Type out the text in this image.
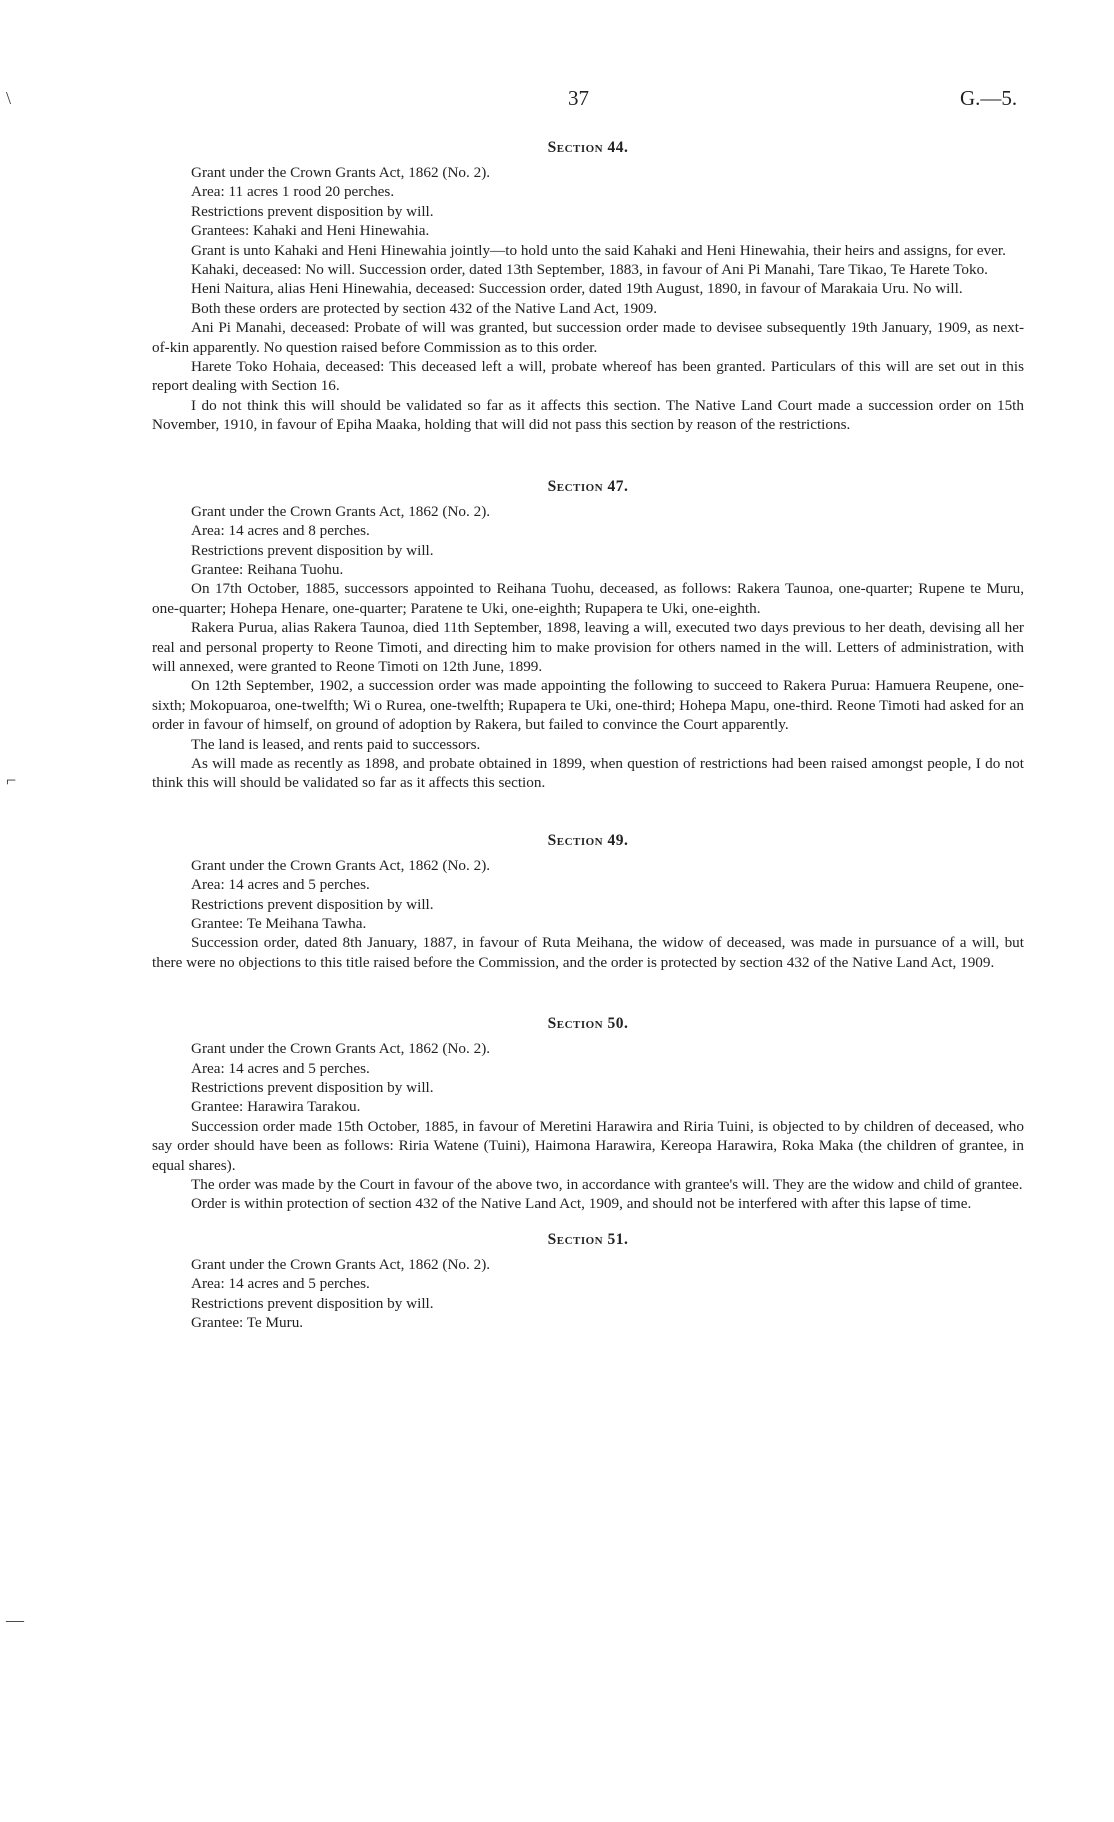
37	G.—5.
\
⌐
—
Section 44.

Grant under the Crown Grants Act, 1862 (No. 2).

Area: 11 acres 1 rood 20 perches.

Restrictions prevent disposition by will.

Grantees: Kahaki and Heni Hinewahia.

Grant is unto Kahaki and Heni Hinewahia jointly—to hold unto the said Kahaki and Heni Hinewahia, their heirs and assigns, for ever.

Kahaki, deceased: No will. Succession order, dated 13th September, 1883, in favour of Ani Pi Manahi, Tare Tikao, Te Harete Toko.

Heni Naitura, alias Heni Hinewahia, deceased: Succession order, dated 19th August, 1890, in favour of Marakaia Uru. No will.

Both these orders are protected by section 432 of the Native Land Act, 1909.

Ani Pi Manahi, deceased: Probate of will was granted, but succession order made to devisee subsequently 19th January, 1909, as next-of-kin apparently. No question raised before Commission as to this order.

Harete Toko Hohaia, deceased: This deceased left a will, probate whereof has been granted. Particulars of this will are set out in this report dealing with Section 16.

I do not think this will should be validated so far as it affects this section. The Native Land Court made a succession order on 15th November, 1910, in favour of Epiha Maaka, holding that will did not pass this section by reason of the restrictions.

Section 47.

Grant under the Crown Grants Act, 1862 (No. 2).

Area: 14 acres and 8 perches.

Restrictions prevent disposition by will.

Grantee: Reihana Tuohu.

On 17th October, 1885, successors appointed to Reihana Tuohu, deceased, as follows: Rakera Taunoa, one-quarter; Rupene te Muru, one-quarter; Hohepa Henare, one-quarter; Paratene te Uki, one-eighth; Rupapera te Uki, one-eighth.

Rakera Purua, alias Rakera Taunoa, died 11th September, 1898, leaving a will, executed two days previous to her death, devising all her real and personal property to Reone Timoti, and directing him to make provision for others named in the will. Letters of administration, with will annexed, were granted to Reone Timoti on 12th June, 1899.

On 12th September, 1902, a succession order was made appointing the following to succeed to Rakera Purua: Hamuera Reupene, one-sixth; Mokopuaroa, one-twelfth; Wi o Rurea, one-twelfth; Rupapera te Uki, one-third; Hohepa Mapu, one-third. Reone Timoti had asked for an order in favour of himself, on ground of adoption by Rakera, but failed to convince the Court apparently.

The land is leased, and rents paid to successors.

As will made as recently as 1898, and probate obtained in 1899, when question of restrictions had been raised amongst people, I do not think this will should be validated so far as it affects this section.

Section 49.

Grant under the Crown Grants Act, 1862 (No. 2).

Area: 14 acres and 5 perches.

Restrictions prevent disposition by will.

Grantee: Te Meihana Tawha.

Succession order, dated 8th January, 1887, in favour of Ruta Meihana, the widow of deceased, was made in pursuance of a will, but there were no objections to this title raised before the Commission, and the order is protected by section 432 of the Native Land Act, 1909.

Section 50.

Grant under the Crown Grants Act, 1862 (No. 2).

Area: 14 acres and 5 perches.

Restrictions prevent disposition by will.

Grantee: Harawira Tarakou.

Succession order made 15th October, 1885, in favour of Meretini Harawira and Riria Tuini, is objected to by children of deceased, who say order should have been as follows: Riria Watene (Tuini), Haimona Harawira, Kereopa Harawira, Roka Maka (the children of grantee, in equal shares).

The order was made by the Court in favour of the above two, in accordance with grantee's will. They are the widow and child of grantee.

Order is within protection of section 432 of the Native Land Act, 1909, and should not be interfered with after this lapse of time.

Section 51.

Grant under the Crown Grants Act, 1862 (No. 2).

Area: 14 acres and 5 perches.

Restrictions prevent disposition by will.

Grantee: Te Muru.
